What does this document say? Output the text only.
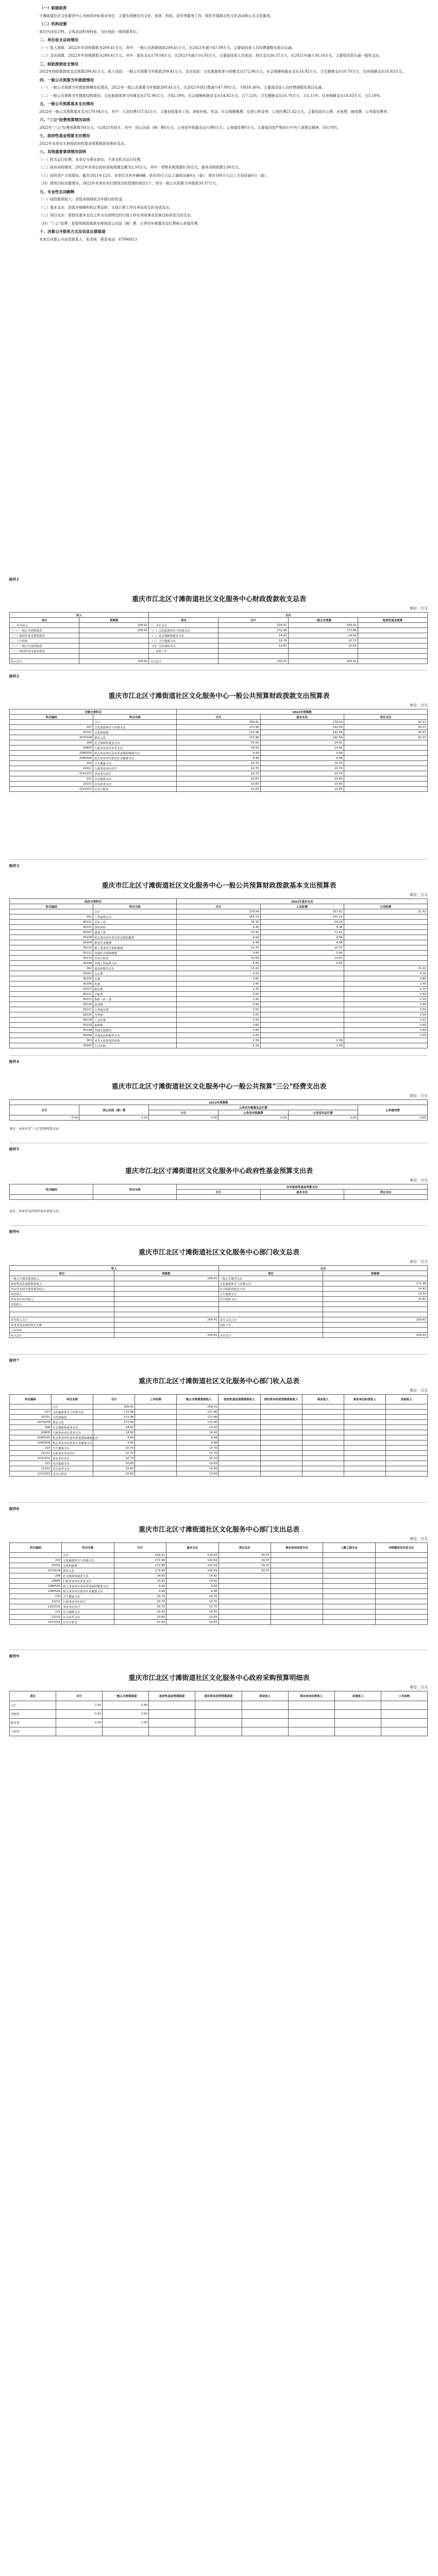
（一）职能职责

寸滩街道社区文化服务中心为财政补贴事业单位，主要负责辖区内文化、体育、科技、宣传等服务工作，组织开展群众性文化活动和公共文化服务。

（二）机构设置

单位内设综合科、文体活动科等科室，为区财政一级预算单位。

二、单位收支总体情况

（一）收入预算。2022年年初预算数为209.41万元，其中，一般公共预算拨款209.41万元，比2021年减少47.09万元，主要原因是人员经费调整及项目压减。

（二）支出预算。2022年年初预算数为209.41万元。其中：基本支出179.04万元，比2021年减少16.93万元，主要原因是人员变动；项目支出30.37万元，比2021年减少30.16万元，主要原因是压减一般性支出。

三、财政拨款收支情况

2022年财政拨款收支总预算209.41万元。收入包括：一般公共预算当年拨款209.41万元；支出包括：文化旅游体育与传媒支出172.96万元，社会保障和就业支出14.92万元，卫生健康支出10.70万元，住房保障支出10.83万元。

四、一般公共预算当年拨款情况

（一）一般公共预算当年拨款规模变化情况。2022年一般公共预算当年拨款209.41万元，比2021年执行数减少47.09万元，下降18.36%。主要原因是人员经费调整及项目压减。

（二）一般公共预算当年拨款结构情况。文化旅游体育与传媒支出172.96万元，占82.59%；社会保障和就业支出14.92万元，占7.12%；卫生健康支出10.70万元，占5.11%；住房保障支出10.83万元，占5.18%。

五、一般公共预算基本支出情况

2022年一般公共预算基本支出179.04万元，其中：人员经费157.62万元，主要包括基本工资、津贴补贴、奖金、社会保障缴费、住房公积金等；公用经费21.42万元，主要包括办公费、水电费、邮电费、公务接待费等。

六、"三公"经费预算情况说明

2022年"三公"经费预算数为0万元，与2021年持平。其中：因公出国（境）费0万元；公务用车购置及运行费0万元；公务接待费0万元。主要原因是严格执行中央八项规定精神，厉行节约。

七、政府性基金预算支出情况

2022年本单位无使用政府性基金预算拨款安排的支出。

八、其他重要事项情况说明

（一）机关运行经费。本单位为事业单位，不涉及机关运行经费。

（二）政府采购情况。2022年本单位政府采购预算总额为2.50万元，其中：货物采购预算0.50万元，服务采购预算2.00万元。

（三）国有资产占用情况。截至2021年12月，本单位共有车辆0辆；单价50万元以上通用设备0台（套）；单价100万元以上专用设备0台（套）。

（四）绩效目标设置情况。2022年本单位实行绩效目标管理的项目1个，涉及一般公共预算当年拨款30.37万元。

九、专业性名词解释

（一）财政拨款收入：是指本级财政当年拨付的资金。

（二）基本支出：是指为保障机构正常运转、完成日常工作任务而发生的各项支出。

（三）项目支出：是指在基本支出之外为完成特定的行政工作任务或事业发展目标所发生的支出。

（四）"三公"经费：是指用财政拨款安排的因公出国（境）费、公务用车购置及运行费和公务接待费。

十、决算公开联系方式及信息反馈渠道

本单位决算公开信息联系人：张老师，联系电话：67996013

附件1
重庆市江北区寸滩街道社区文化服务中心财政拨款收支总表
单位：万元
收入		支出			
项目	预算数	项目	合计	一般公共预算	政府性基金预算
一、本年收入	209.41	一、本年支出	209.41	209.41	
（一）一般公共预算拨款	209.41	（一）文化旅游体育与传媒支出	172.96	172.96	
（二）政府性基金预算拨款		（二）社会保障和就业支出	14.92	14.92	
二、上年结转		（三）卫生健康支出	10.70	10.70	
（一）一般公共预算拨款		（四）住房保障支出	10.83	10.83	
（二）政府性基金预算拨款		二、结转下年			

收入总计	209.41	支出总计	209.41	209.41	
附件2
重庆市江北区寸滩街道社区文化服务中心一般公共预算财政拨款支出预算表
单位：万元
功能分类科目		2022年预算数		
科目编码	科目名称	合计	基本支出	项目支出
	合计	209.41	179.04	30.37
207	文化旅游体育与传媒支出	172.96	142.59	30.37
20701	文化和旅游	172.96	142.59	30.37
2070109	群众文化	172.96	142.59	30.37
208	社会保障和就业支出	14.92	14.92	
20805	行政事业单位养老支出	14.92	14.92	
2080505	机关事业单位基本养老保险缴费支出	9.94	9.94	
2080506	机关事业单位职业年金缴费支出	4.98	4.98	
210	卫生健康支出	10.70	10.70	
21011	行政事业单位医疗	10.70	10.70	
2101102	事业单位医疗	10.70	10.70	
221	住房保障支出	10.83	10.83	
22102	住房改革支出	10.83	10.83	
2210201	住房公积金	10.83	10.83	
附件3
重庆市江北区寸滩街道社区文化服务中心一般公共预算财政拨款基本支出预算表
单位：万元
经济分类科目		2022年基本支出		
科目编码	科目名称	合计	人员经费	公用经费
	合计	179.04	157.62	21.42
301	工资福利支出	155.23	155.23	
30101	基本工资	35.16	35.16	
30102	津贴补贴	4.36	4.36	
30107	绩效工资	72.41	72.41	
30108	机关事业单位基本养老保险缴费	9.94	9.94	
30109	职业年金缴费	4.98	4.98	
30110	职工基本医疗保险缴费	10.70	10.70	
30112	其他社会保障缴费	0.40	0.40	
30113	住房公积金	10.83	10.83	
30199	其他工资福利支出	6.45	6.45	
302	商品和服务支出	21.42		21.42
30201	办公费	3.20		3.20
30205	水费	0.80		0.80
30206	电费	2.40		2.40
30207	邮电费	1.20		1.20
30211	差旅费	0.50		0.50
30213	维修（护）费	1.50		1.50
30216	培训费	0.40		0.40
30217	公务接待费	0.00		0.00
30226	劳务费	3.00		3.00
30228	工会经费	2.02		2.02
30229	福利费	1.60		1.60
30239	其他交通费用	2.80		2.80
30299	其他商品和服务支出	2.00		2.00
303	对个人和家庭的补助	2.39	2.39	
30305	生活补助	2.39	2.39	
附件4
重庆市江北区寸滩街道社区文化服务中心一般公共预算"三公"经费支出表
单位：万元
2022年预算数					
合计	因公出国（境）费	公务用车购置及运行费			公务接待费
		小计	公务用车购置费	公务用车运行费	
0.00	0.00	0.00	0.00	0.00	0.00
备注：本单位无"三公"经费预算支出。
附件5
重庆市江北区寸滩街道社区文化服务中心政府性基金预算支出表
单位：万元
科目编码	科目名称	本年政府性基金预算支出		
		合计	基本支出	项目支出

备注：本单位无政府性基金预算支出。
附件6
重庆市江北区寸滩街道社区文化服务中心部门收支总表
单位：万元
收入		支出	
项目	预算数	项目	预算数
一般公共预算拨款收入	209.41	一般公共服务支出	
政府性基金预算拨款收入		文化旅游体育与传媒支出	172.96
国有资本经营预算拨款收入		社会保障和就业支出	14.92
事业收入		卫生健康支出	10.70
事业单位经营收入		住房保障支出	10.83
其他收入			

本年收入合计	209.41	本年支出合计	209.41
用事业基金弥补收支差额		结转下年	
上年结转			
收入总计	209.41	支出总计	209.41
附件7
重庆市江北区寸滩街道社区文化服务中心部门收入总表
单位：万元
科目编码	科目名称	合计	上年结转	一般公共预算拨款收入	政府性基金预算拨款收入	国有资本经营预算拨款收入	事业收入	事业单位经营收入	其他收入
	合计	209.41		209.41					
207	文化旅游体育与传媒支出	172.96		172.96					
20701	文化和旅游	172.96		172.96					
2070109	群众文化	172.96		172.96					
208	社会保障和就业支出	14.92		14.92					
20805	行政事业单位养老支出	14.92		14.92					
2080505	机关事业单位基本养老保险缴费支出	9.94		9.94					
2080506	机关事业单位职业年金缴费支出	4.98		4.98					
210	卫生健康支出	10.70		10.70					
21011	行政事业单位医疗	10.70		10.70					
2101102	事业单位医疗	10.70		10.70					
221	住房保障支出	10.83		10.83					
22102	住房改革支出	10.83		10.83					
2210201	住房公积金	10.83		10.83					
附件8
重庆市江北区寸滩街道社区文化服务中心部门支出总表
单位：万元
科目编码	科目名称	合计	基本支出	项目支出	事业单位经营支出	上缴上级支出	对附属单位补助支出
	合计	209.41	179.04	30.37			
207	文化旅游体育与传媒支出	172.96	142.59	30.37			
20701	文化和旅游	172.96	142.59	30.37			
2070109	群众文化	172.96	142.59	30.37			
208	社会保障和就业支出	14.92	14.92				
20805	行政事业单位养老支出	14.92	14.92				
2080505	机关事业单位基本养老保险缴费支出	9.94	9.94				
2080506	机关事业单位职业年金缴费支出	4.98	4.98				
210	卫生健康支出	10.70	10.70				
21011	行政事业单位医疗	10.70	10.70				
2101102	事业单位医疗	10.70	10.70				
221	住房保障支出	10.83	10.83				
22102	住房改革支出	10.83	10.83				
2210201	住房公积金	10.83	10.83				
附件9
重庆市江北区寸滩街道社区文化服务中心政府采购预算明细表
单位：万元
项目	合计	一般公共预算拨款	政府性基金预算拨款	国有资本经营预算拨款	事业收入	事业单位经营收入	其他收入	上年结转
合计	2.50	2.50						
货物类	0.50	0.50						
服务类	2.00	2.00						
工程类								
